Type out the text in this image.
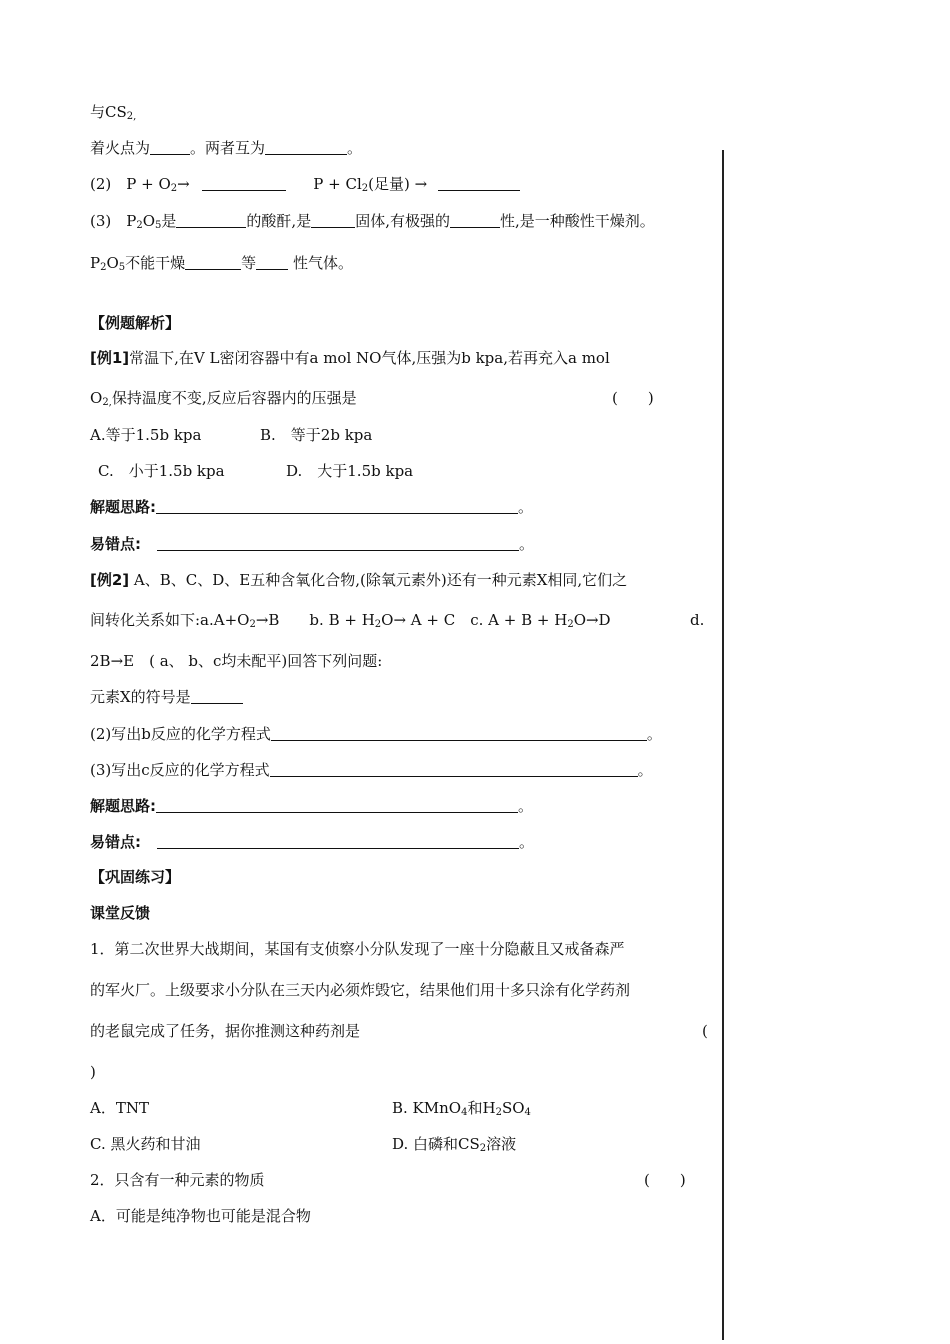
与$CS_{2,}$
着火点为	。两者互为	。
(2)　$P + O_2\to$	$P + Cl_2$(足量) →
(3)　$P_2O_5$是	的酸酐,是	固体,有极强的	性,是一种酸性干燥剂。
$P_2O_5$不能干燥	等 性气体。
【例题解析】
[例1]常温下,在V L密闭容器中有a mol NO气体,压强为b kpa,若再充入a mol
$O_{2,}$保持温度不变,反应后容器内的压强是	(　　)
A.等于1.5b kpa	B.　等于2b kpa
C.　小于1.5b kpa	D.　大于1.5b kpa
解题思路:	。
易错点:	。
[例2] A、B、C、D、E五种含氧化合物,(除氧元素外)还有一种元素X相同,它们之
间转化关系如下$:a.A+O_2\to B$　　b. $B + H_2O\to A + C$　c. $A + B + H_2O\to D$	d.
2B→E　( a、 b、c均未配平)回答下列问题:
元素X的符号是
(2)写出b反应的化学方程式	。
(3)写出c反应的化学方程式	。
解题思路:	。
易错点:	。
【巩固练习】
课堂反馈
1．第二次世界大战期间，某国有支侦察小分队发现了一座十分隐蔽且又戒备森严
的军火厂。上级要求小分队在三天内必须炸毁它，结果他们用十多只涂有化学药剂
的老鼠完成了任务，据你推测这种药剂是	(
)
A．TNT	B. KMnO$_4$和$H_2SO_4$
C. 黑火药和甘油	D. 白磷和$CS_2$溶液
2．只含有一种元素的物质	(　　)
A．可能是纯净物也可能是混合物
